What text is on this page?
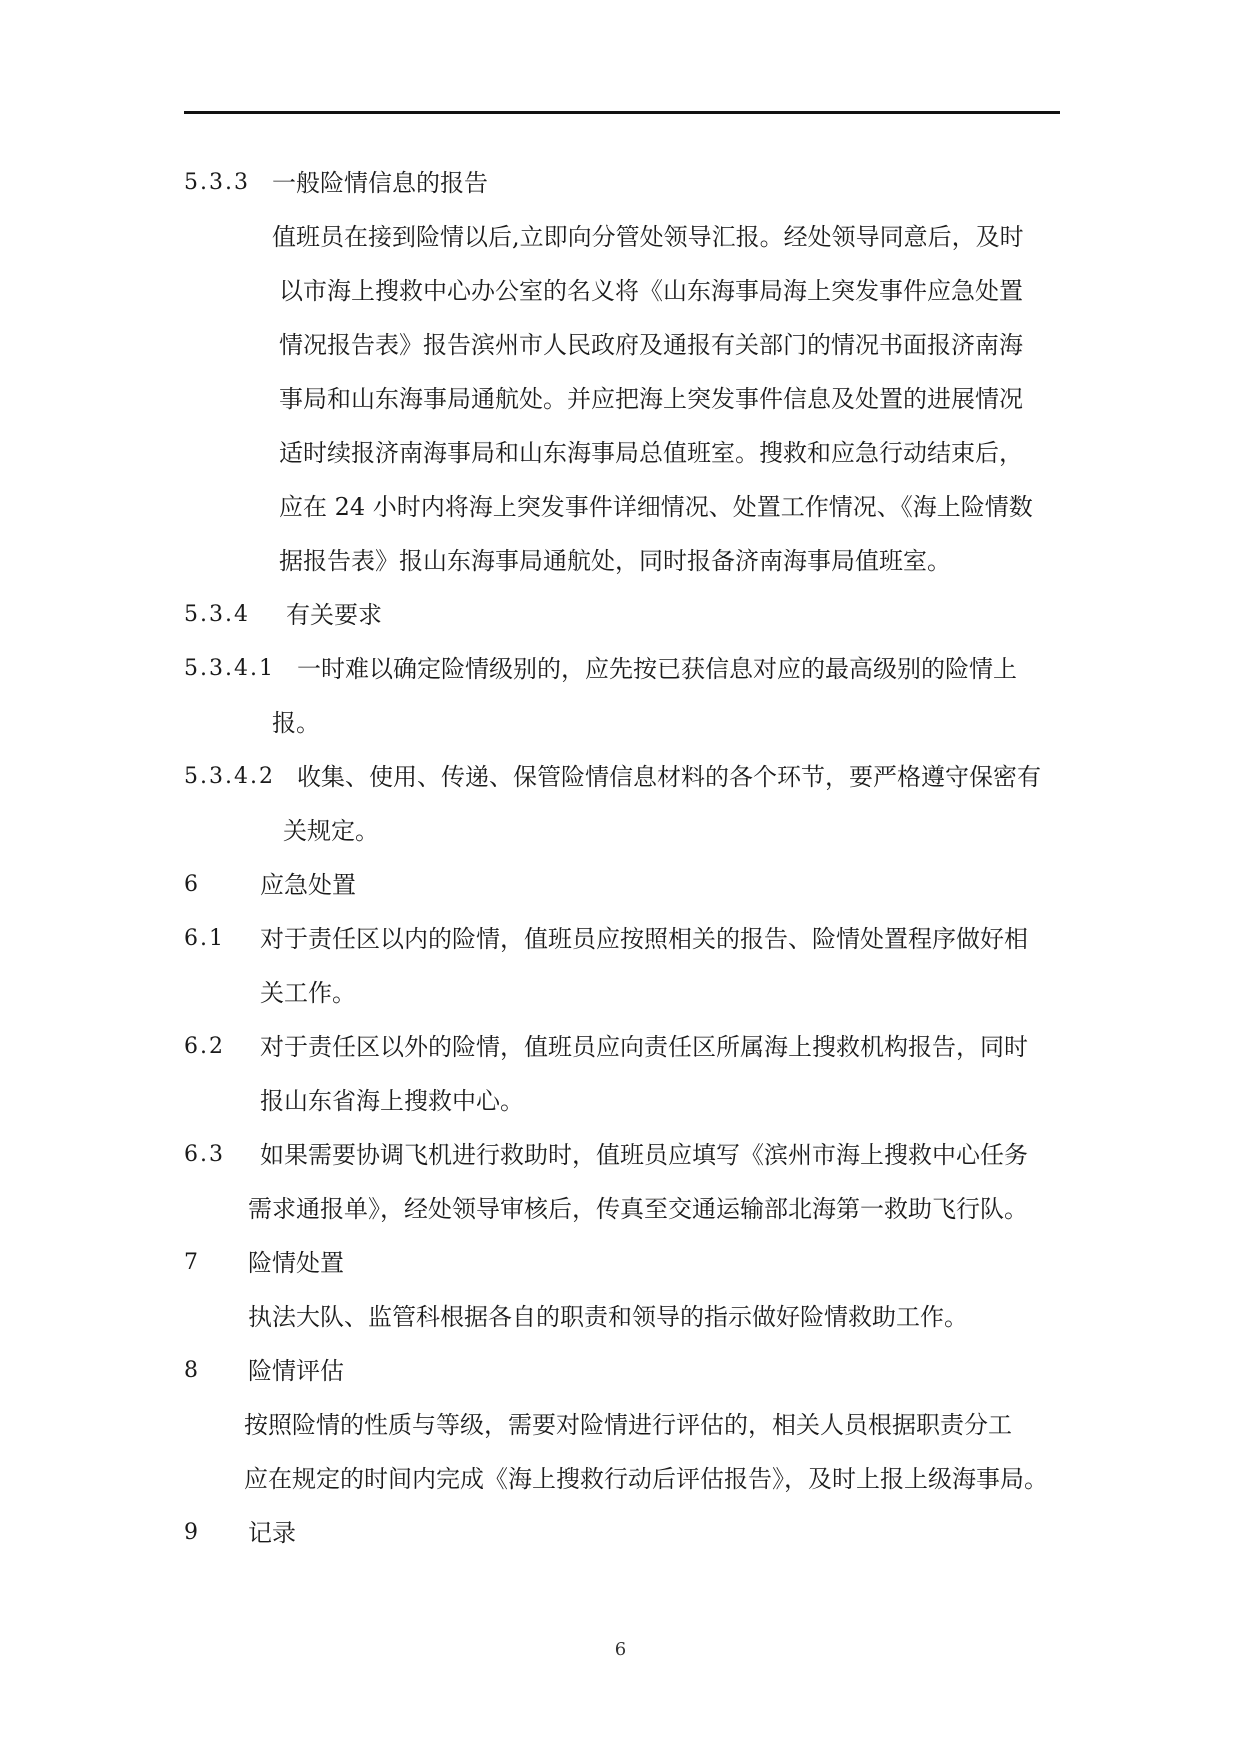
5.3.3 一般险情信息的报告
值班员在接到险情以后,立即向分管处领导汇报。经处领导同意后，及时
以市海上搜救中心办公室的名义将《山东海事局海上突发事件应急处置
情况报告表》报告滨州市人民政府及通报有关部门的情况书面报济南海
事局和山东海事局通航处。并应把海上突发事件信息及处置的进展情况
适时续报济南海事局和山东海事局总值班室。搜救和应急行动结束后，
应在 24 小时内将海上突发事件详细情况、处置工作情况、《海上险情数
据报告表》报山东海事局通航处，同时报备济南海事局值班室。
5.3.4 有关要求
5.3.4.1 一时难以确定险情级别的，应先按已获信息对应的最高级别的险情上
报。
5.3.4.2 收集、使用、传递、保管险情信息材料的各个环节，要严格遵守保密有
关规定。
6	应急处置
6.1 对于责任区以内的险情，值班员应按照相关的报告、险情处置程序做好相
关工作。
6.2 对于责任区以外的险情，值班员应向责任区所属海上搜救机构报告，同时
报山东省海上搜救中心。
6.3 如果需要协调飞机进行救助时，值班员应填写《滨州市海上搜救中心任务
需求通报单》，经处领导审核后，传真至交通运输部北海第一救助飞行队。
7 险情处置
执法大队、监管科根据各自的职责和领导的指示做好险情救助工作。
8 险情评估
按照险情的性质与等级，需要对险情进行评估的，相关人员根据职责分工
应在规定的时间内完成《海上搜救行动后评估报告》，及时上报上级海事局。
9 记录
6
